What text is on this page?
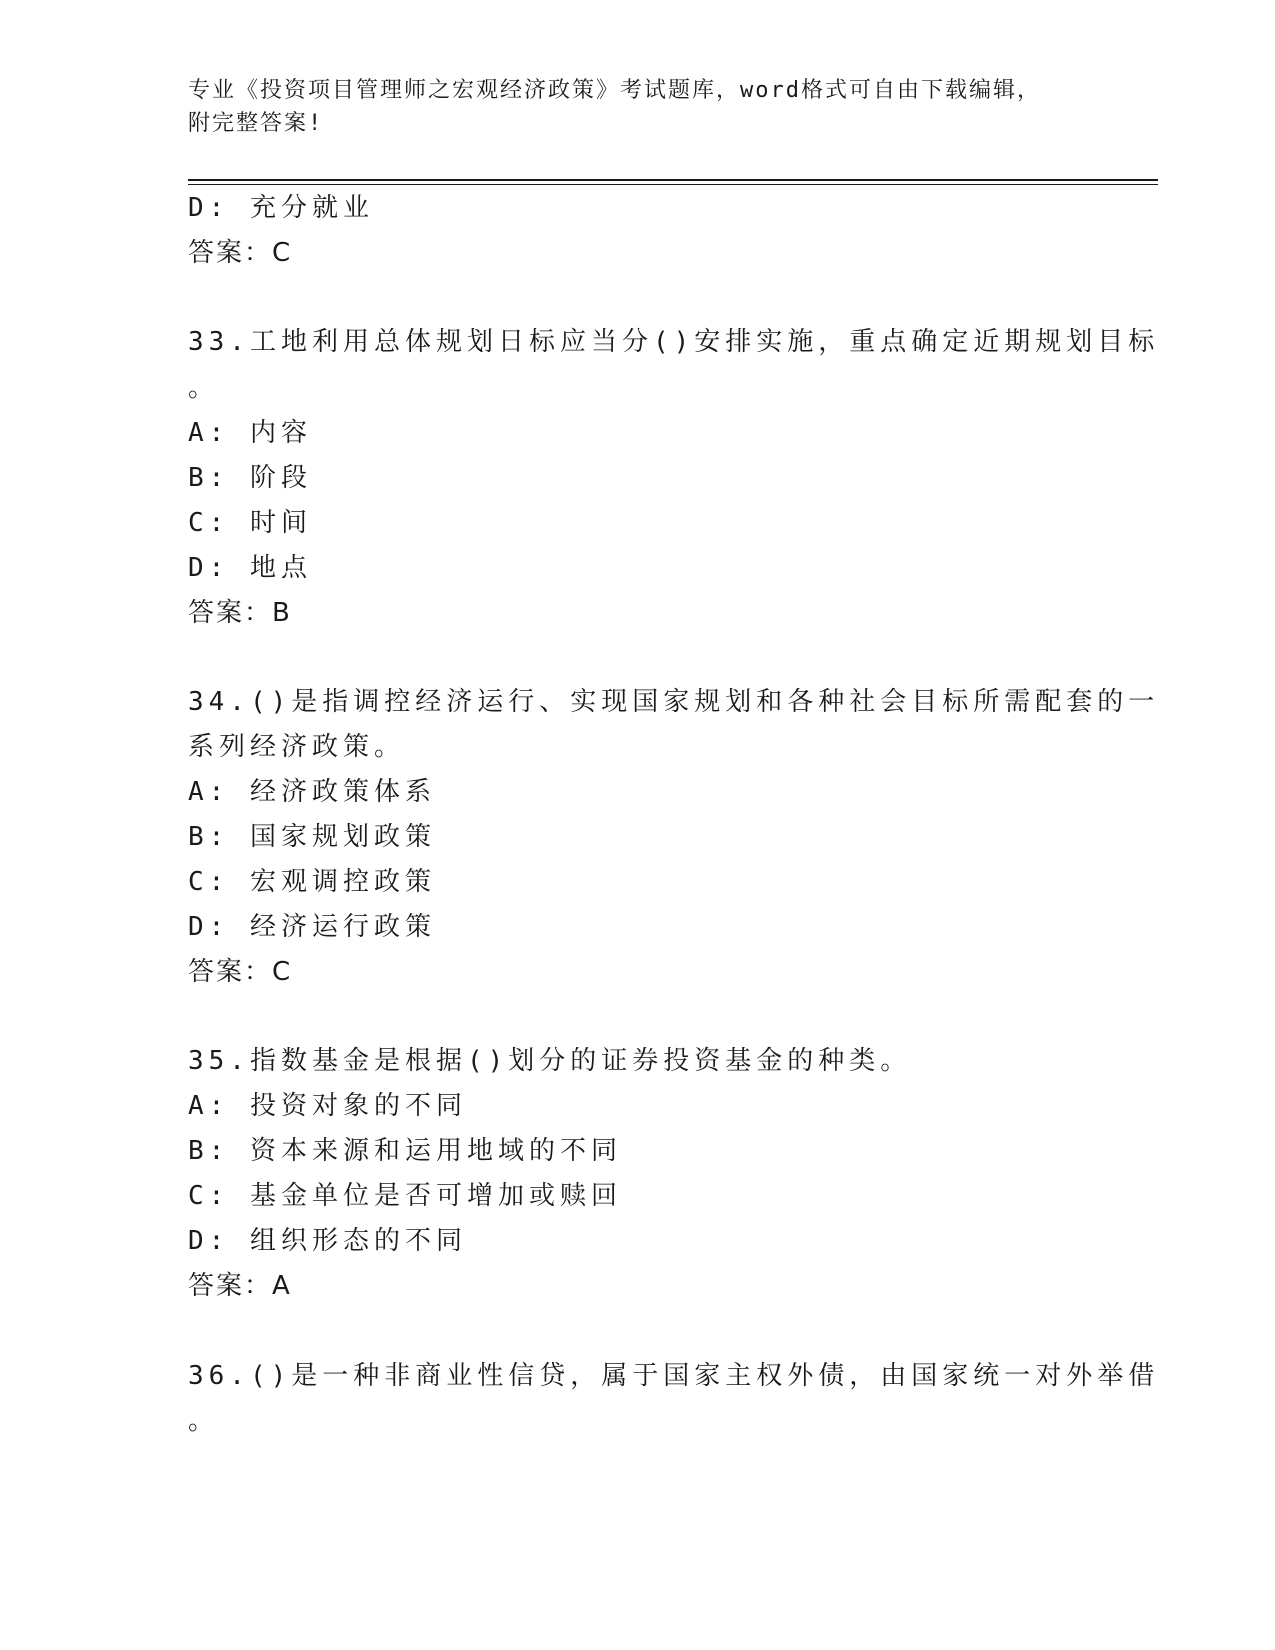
专业《投资项目管理师之宏观经济政策》考试题库，word格式可自由下载编辑，
附完整答案!
D: 充分就业
答案：C
33.工地利用总体规划日标应当分()安排实施，重点确定近期规划目标
。
A: 内容
B: 阶段
C: 时间
D: 地点
答案：B
34.()是指调控经济运行、实现国家规划和各种社会目标所需配套的一
系列经济政策。
A: 经济政策体系
B: 国家规划政策
C: 宏观调控政策
D: 经济运行政策
答案：C
35.指数基金是根据()划分的证券投资基金的种类。
A: 投资对象的不同
B: 资本来源和运用地域的不同
C: 基金单位是否可增加或赎回
D: 组织形态的不同
答案：A
36.()是一种非商业性信贷，属于国家主权外债，由国家统一对外举借
。
